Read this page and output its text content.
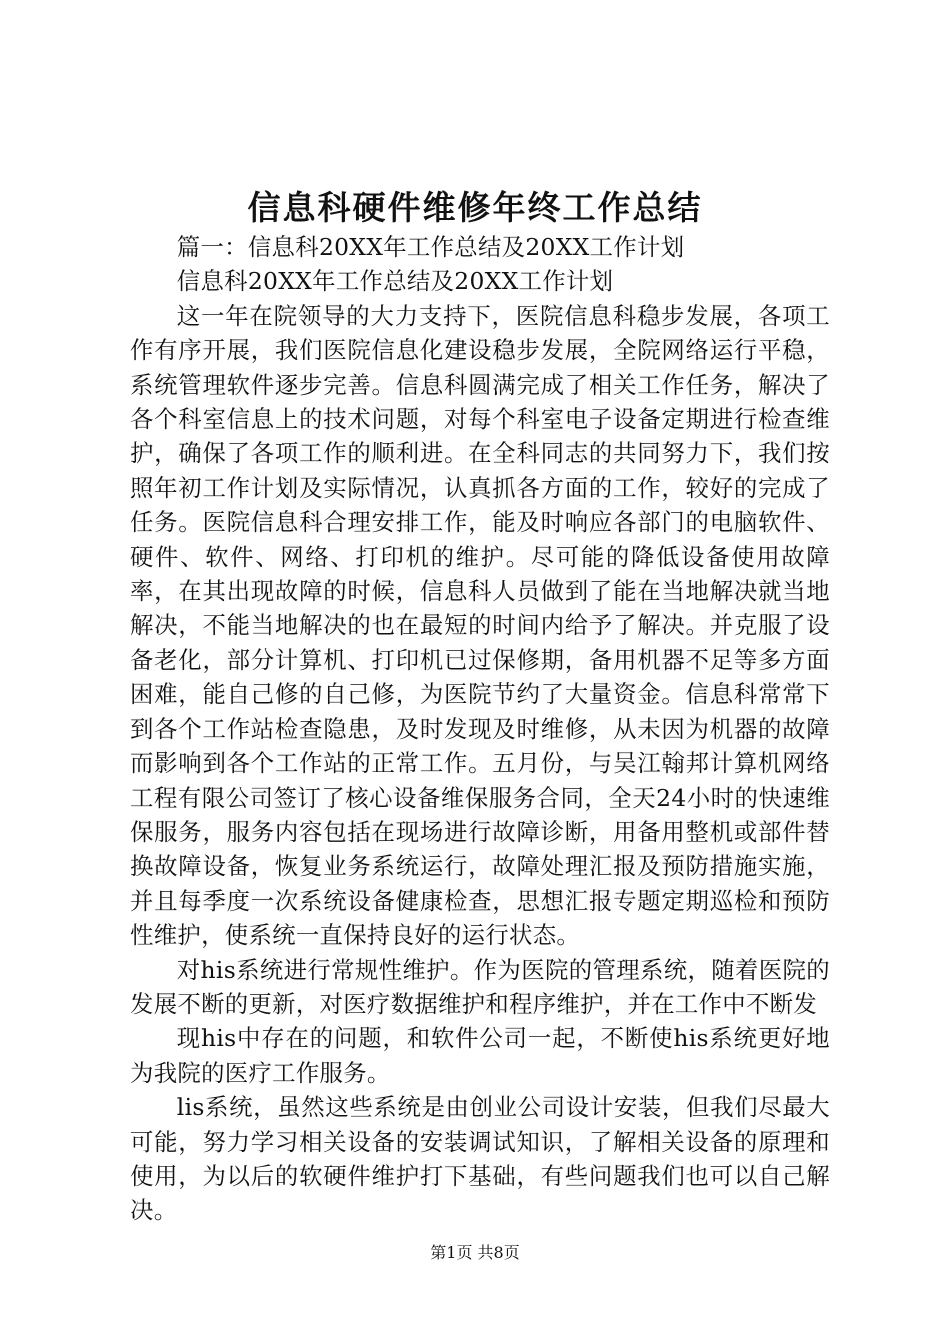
信息科硬件维修年终工作总结

篇一：信息科20XX年工作总结及20XX工作计划

信息科20XX年工作总结及20XX工作计划

这一年在院领导的大力支持下，医院信息科稳步发展，各项工作有序开展，我们医院信息化建设稳步发展，全院网络运行平稳，系统管理软件逐步完善。信息科圆满完成了相关工作任务，解决了各个科室信息上的技术问题，对每个科室电子设备定期进行检查维护，确保了各项工作的顺利进。在全科同志的共同努力下，我们按照年初工作计划及实际情况，认真抓各方面的工作，较好的完成了任务。医院信息科合理安排工作，能及时响应各部门的电脑软件、硬件、软件、网络、打印机的维护。尽可能的降低设备使用故障率，在其出现故障的时候，信息科人员做到了能在当地解决就当地解决，不能当地解决的也在最短的时间内给予了解决。并克服了设备老化，部分计算机、打印机已过保修期，备用机器不足等多方面困难，能自己修的自己修，为医院节约了大量资金。信息科常常下到各个工作站检查隐患，及时发现及时维修，从未因为机器的故障而影响到各个工作站的正常工作。五月份，与吴江翰邦计算机网络工程有限公司签订了核心设备维保服务合同，全天24小时的快速维保服务，服务内容包括在现场进行故障诊断，用备用整机或部件替换故障设备，恢复业务系统运行，故障处理汇报及预防措施实施，并且每季度一次系统设备健康检查，思想汇报专题定期巡检和预防性维护，使系统一直保持良好的运行状态。

对his系统进行常规性维护。作为医院的管理系统，随着医院的发展不断的更新，对医疗数据维护和程序维护，并在工作中不断发

现his中存在的问题，和软件公司一起，不断使his系统更好地为我院的医疗工作服务。

lis系统，虽然这些系统是由创业公司设计安装，但我们尽最大可能，努力学习相关设备的安装调试知识，了解相关设备的原理和使用，为以后的软硬件维护打下基础，有些问题我们也可以自己解决。

第1页 共8页
